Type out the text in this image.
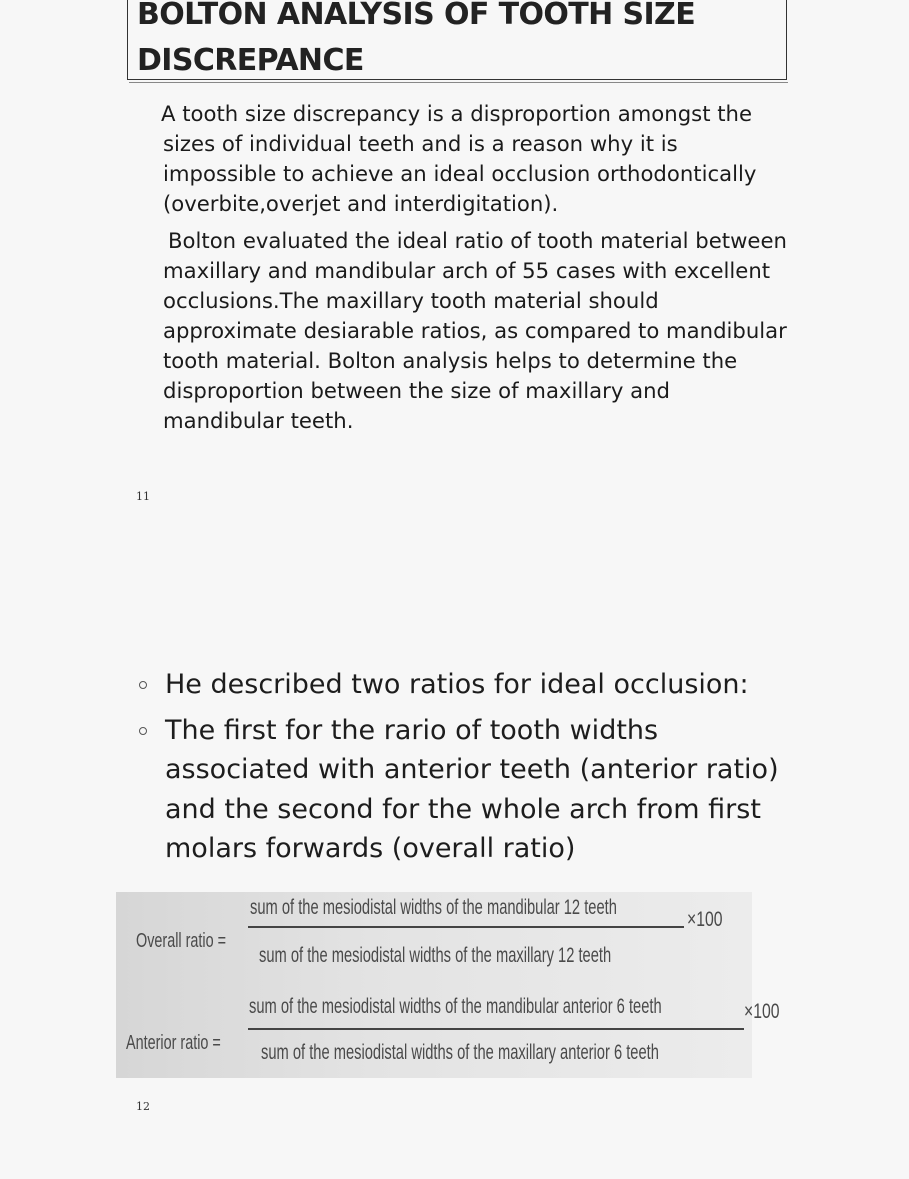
BOLTON ANALYSIS OF TOOTH SIZE
DISCREPANCE

A tooth size discrepancy is a disproportion amongst the sizes of individual teeth and is a reason why it is impossible to achieve an ideal occlusion orthodontically (overbite,overjet and interdigitation).

Bolton evaluated the ideal ratio of tooth material between maxillary and mandibular arch of 55 cases with excellent occlusions.The maxillary tooth material should approximate desiarable ratios, as compared to mandibular tooth material. Bolton analysis helps to determine the disproportion between the size of maxillary and mandibular teeth.

11
He described two ratios for ideal occlusion:
The first for the rario of tooth widths associated with anterior teeth (anterior ratio) and the second for the whole arch from first molars forwards (overall ratio)
Overall ratio =
sum of the mesiodistal widths of the mandibular 12 teeth
sum of the mesiodistal widths of the maxillary 12 teeth
×100
Anterior ratio =
sum of the mesiodistal widths of the mandibular anterior 6 teeth
sum of the mesiodistal widths of the maxillary anterior 6 teeth
×100
12
